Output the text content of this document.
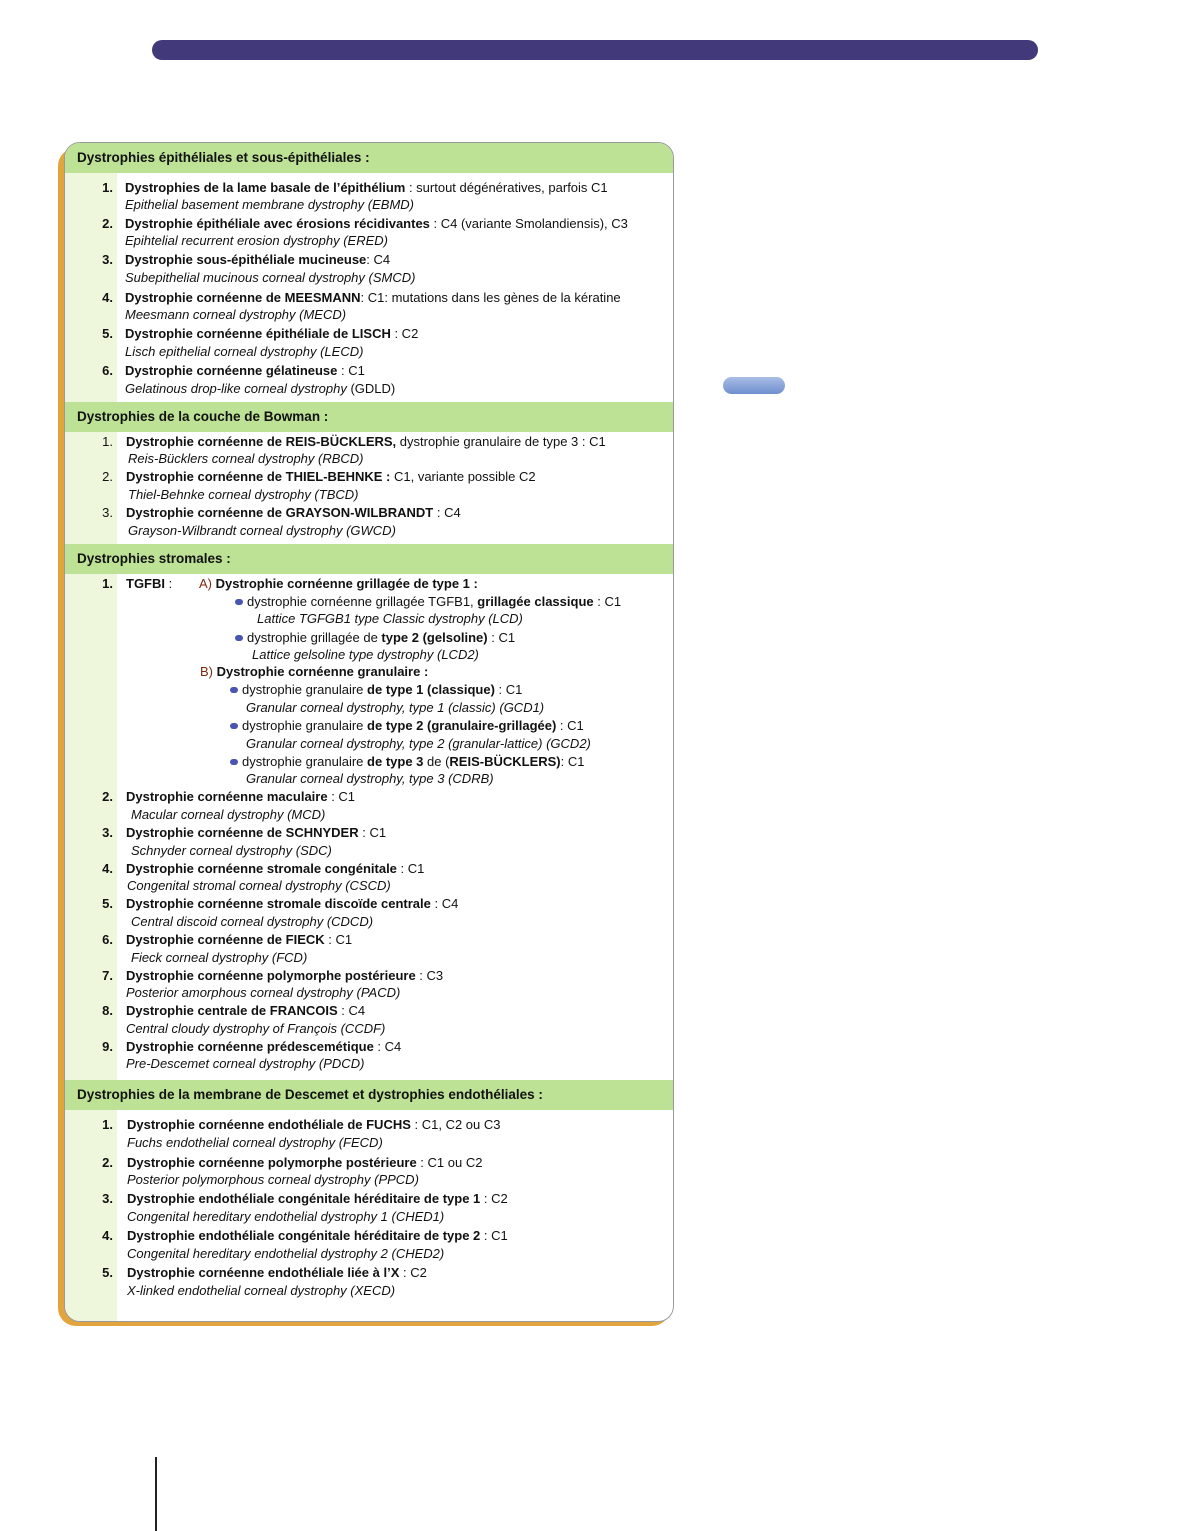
Dystrophies épithéliales et sous-épithéliales :
1. Dystrophies de la lame basale de l’épithélium : surtout dégénératives, parfois C1
Epithelial basement membrane dystrophy (EBMD)
2. Dystrophie épithéliale avec érosions récidivantes : C4 (variante Smolandiensis), C3
Epihtelial recurrent erosion dystrophy (ERED)
3. Dystrophie sous-épithéliale mucineuse: C4
Subepithelial mucinous corneal dystrophy (SMCD)
4. Dystrophie cornéenne de MEESMANN: C1: mutations dans les gènes de la kératine
Meesmann corneal dystrophy (MECD)
5. Dystrophie cornéenne épithéliale de LISCH : C2
Lisch epithelial corneal dystrophy (LECD)
6. Dystrophie cornéenne gélatineuse : C1
Gelatinous drop-like corneal dystrophy (GDLD)
Dystrophies de la couche de Bowman :
1. Dystrophie cornéenne de REIS-BÜCKLERS, dystrophie granulaire de type 3 : C1
Reis-Bücklers corneal dystrophy (RBCD)
2. Dystrophie cornéenne de THIEL-BEHNKE : C1, variante possible C2
Thiel-Behnke corneal dystrophy (TBCD)
3. Dystrophie cornéenne de GRAYSON-WILBRANDT : C4
Grayson-Wilbrandt corneal dystrophy (GWCD)
Dystrophies stromales :
1. TGFBI : A) Dystrophie cornéenne grillagée de type 1 :
dystrophie cornéenne grillagée TGFB1, grillagée classique : C1
Lattice TGFGB1 type Classic dystrophy (LCD)
dystrophie grillagée de type 2 (gelsoline) : C1
Lattice gelsoline type dystrophy (LCD2)
B) Dystrophie cornéenne granulaire :
dystrophie granulaire de type 1 (classique) : C1
Granular corneal dystrophy, type 1 (classic) (GCD1)
dystrophie granulaire de type 2 (granulaire-grillagée) : C1
Granular corneal dystrophy, type 2 (granular-lattice) (GCD2)
dystrophie granulaire de type 3 de (REIS-BÜCKLERS): C1
Granular corneal dystrophy, type 3 (CDRB)
2. Dystrophie cornéenne maculaire : C1
Macular corneal dystrophy (MCD)
3. Dystrophie cornéenne de SCHNYDER : C1
Schnyder corneal dystrophy (SDC)
4. Dystrophie cornéenne stromale congénitale : C1
Congenital stromal corneal dystrophy (CSCD)
5. Dystrophie cornéenne stromale discoïde centrale : C4
Central discoid corneal dystrophy (CDCD)
6. Dystrophie cornéenne de FIECK : C1
Fieck corneal dystrophy (FCD)
7. Dystrophie cornéenne polymorphe postérieure : C3
Posterior amorphous corneal dystrophy (PACD)
8. Dystrophie centrale de FRANCOIS : C4
Central cloudy dystrophy of François (CCDF)
9. Dystrophie cornéenne prédescemétique : C4
Pre-Descemet corneal dystrophy (PDCD)
Dystrophies de la membrane de Descemet et dystrophies endothéliales :
1. Dystrophie cornéenne endothéliale de FUCHS : C1, C2 ou C3
Fuchs endothelial corneal dystrophy (FECD)
2. Dystrophie cornéenne polymorphe postérieure : C1 ou C2
Posterior polymorphous corneal dystrophy (PPCD)
3. Dystrophie endothéliale congénitale héréditaire de type 1 : C2
Congenital hereditary endothelial dystrophy 1 (CHED1)
4. Dystrophie endothéliale congénitale héréditaire de type 2 : C1
Congenital hereditary endothelial dystrophy 2 (CHED2)
5. Dystrophie cornéenne endothéliale liée à l’X : C2
X-linked endothelial corneal dystrophy (XECD)
